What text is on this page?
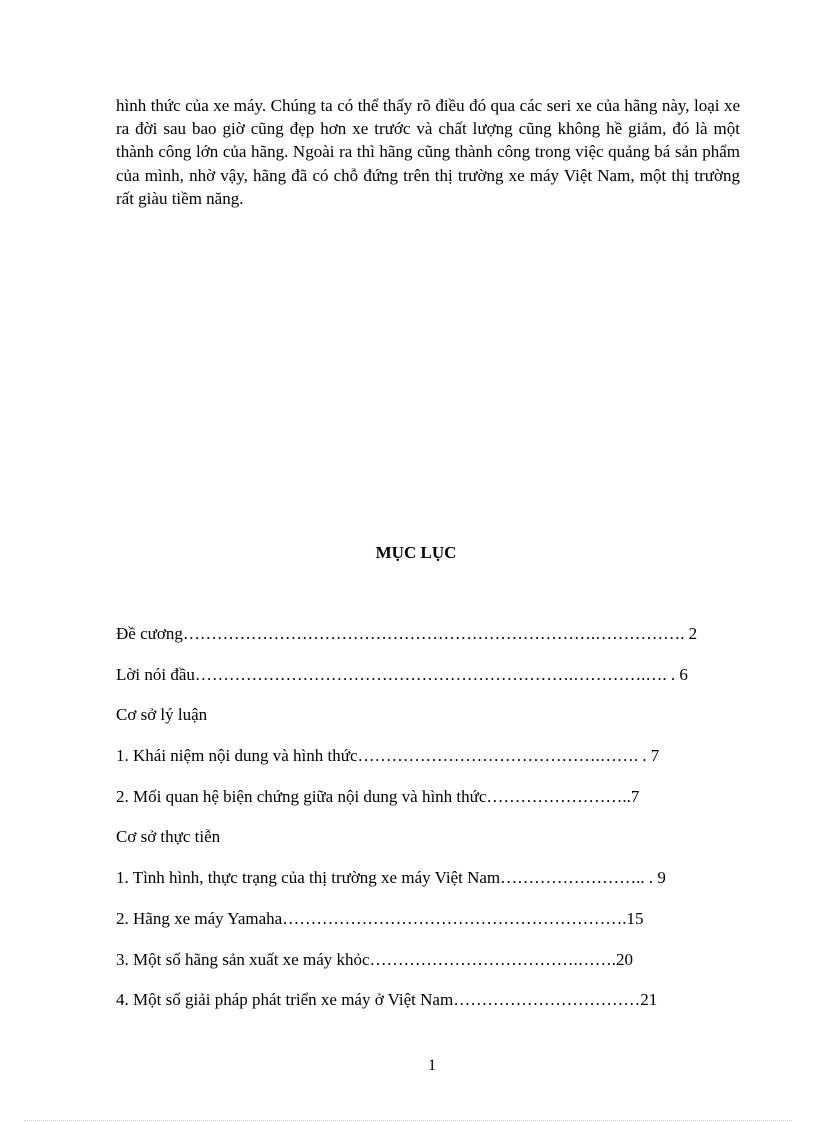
hình thức của xe máy. Chúng ta có thể thấy rõ điều đó qua các seri xe của hãng này, loại xe ra đời sau bao giờ cũng đẹp hơn xe trước và chất lượng cũng không hề giảm, đó là một thành công lớn của hãng. Ngoài ra thì hãng cũng thành công trong việc quảng bá sản phẩm của mình, nhờ vậy, hãng đã có chỗ đứng trên thị trường xe máy Việt Nam, một thị trường rất giàu tiềm năng.

MỤC LỤC
Đề cương……………………………………………………………….……………. 2
Lời nói đầu………………………………………………………….………….…. . 6
Cơ sở lý luận
1. Khái niệm nội dung và hình thức…………………………………….……. . 7
2. Mối quan hệ biện chứng giữa nội dung và hình thức……………………..7
Cơ sở thực tiễn
1. Tình hình, thực trạng của thị trường xe máy Việt Nam…………………….. . 9
2. Hãng xe máy Yamaha…………………………………………………….15
3. Một số hãng sản xuất xe máy khỏc……………………………….…….20
4. Một số giải pháp phát triển xe máy ở Việt Nam……………………………21
1
